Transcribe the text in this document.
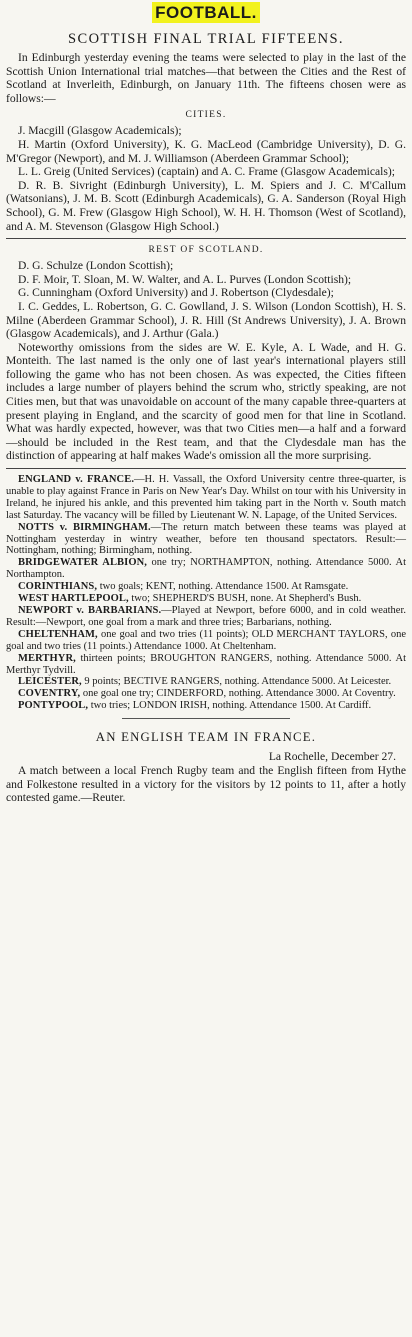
FOOTBALL.
SCOTTISH FINAL TRIAL FIFTEENS.

In Edinburgh yesterday evening the teams were selected to play in the last of the Scottish Union International trial matches—that between the Cities and the Rest of Scotland at Inverleith, Edinburgh, on January 11th. The fifteens chosen were as follows:—

CITIES.

J. Macgill (Glasgow Academicals);

H. Martin (Oxford University), K. G. MacLeod (Cambridge University), D. G. M'Gregor (Newport), and M. J. Williamson (Aberdeen Grammar School);

L. L. Greig (United Services) (captain) and A. C. Frame (Glasgow Academicals);

D. R. B. Sivright (Edinburgh University), L. M. Spiers and J. C. M'Callum (Watsonians), J. M. B. Scott (Edinburgh Academicals), G. A. Sanderson (Royal High School), G. M. Frew (Glasgow High School), W. H. H. Thomson (West of Scotland), and A. M. Stevenson (Glasgow High School.)

REST OF SCOTLAND.

D. G. Schulze (London Scottish);

D. F. Moir, T. Sloan, M. W. Walter, and A. L. Purves (London Scottish);

G. Cunningham (Oxford University) and J. Robertson (Clydesdale);

I. C. Geddes, L. Robertson, G. C. Gowlland, J. S. Wilson (London Scottish), H. S. Milne (Aberdeen Grammar School), J. R. Hill (St Andrews University), J. A. Brown (Glasgow Academicals), and J. Arthur (Gala.)

Noteworthy omissions from the sides are W. E. Kyle, A. L Wade, and H. G. Monteith. The last named is the only one of last year's international players still following the game who has not been chosen. As was expected, the Cities fifteen includes a large number of players behind the scrum who, strictly speaking, are not Cities men, but that was unavoidable on account of the many capable three-quarters at present playing in England, and the scarcity of good men for that line in Scotland. What was hardly expected, however, was that two Cities men—a half and a forward—should be included in the Rest team, and that the Clydesdale man has the distinction of appearing at half makes Wade's omission all the more surprising.

ENGLAND v. FRANCE.—H. H. Vassall, the Oxford University centre three-quarter, is unable to play against France in Paris on New Year's Day. Whilst on tour with his University in Ireland, he injured his ankle, and this prevented him taking part in the North v. South match last Saturday. The vacancy will be filled by Lieutenant W. N. Lapage, of the United Services.

NOTTS v. BIRMINGHAM.—The return match between these teams was played at Nottingham yesterday in wintry weather, before ten thousand spectators. Result:—Nottingham, nothing; Birmingham, nothing.

BRIDGEWATER ALBION, one try; NORTHAMPTON, nothing. Attendance 5000. At Northampton.

CORINTHIANS, two goals; KENT, nothing. Attendance 1500. At Ramsgate.

WEST HARTLEPOOL, two; SHEPHERD'S BUSH, none. At Shepherd's Bush.

NEWPORT v. BARBARIANS.—Played at Newport, before 6000, and in cold weather. Result:—Newport, one goal from a mark and three tries; Barbarians, nothing.

CHELTENHAM, one goal and two tries (11 points); OLD MERCHANT TAYLORS, one goal and two tries (11 points.) Attendance 1000. At Cheltenham.

MERTHYR, thirteen points; BROUGHTON RANGERS, nothing. Attendance 5000. At Merthyr Tydvill.

LEICESTER, 9 points; BECTIVE RANGERS, nothing. Attendance 5000. At Leicester.

COVENTRY, one goal one try; CINDERFORD, nothing. Attendance 3000. At Coventry.

PONTYPOOL, two tries; LONDON IRISH, nothing. Attendance 1500. At Cardiff.

AN ENGLISH TEAM IN FRANCE.

La Rochelle, December 27.

A match between a local French Rugby team and the English fifteen from Hythe and Folkestone resulted in a victory for the visitors by 12 points to 11, after a hotly contested game.—Reuter.
